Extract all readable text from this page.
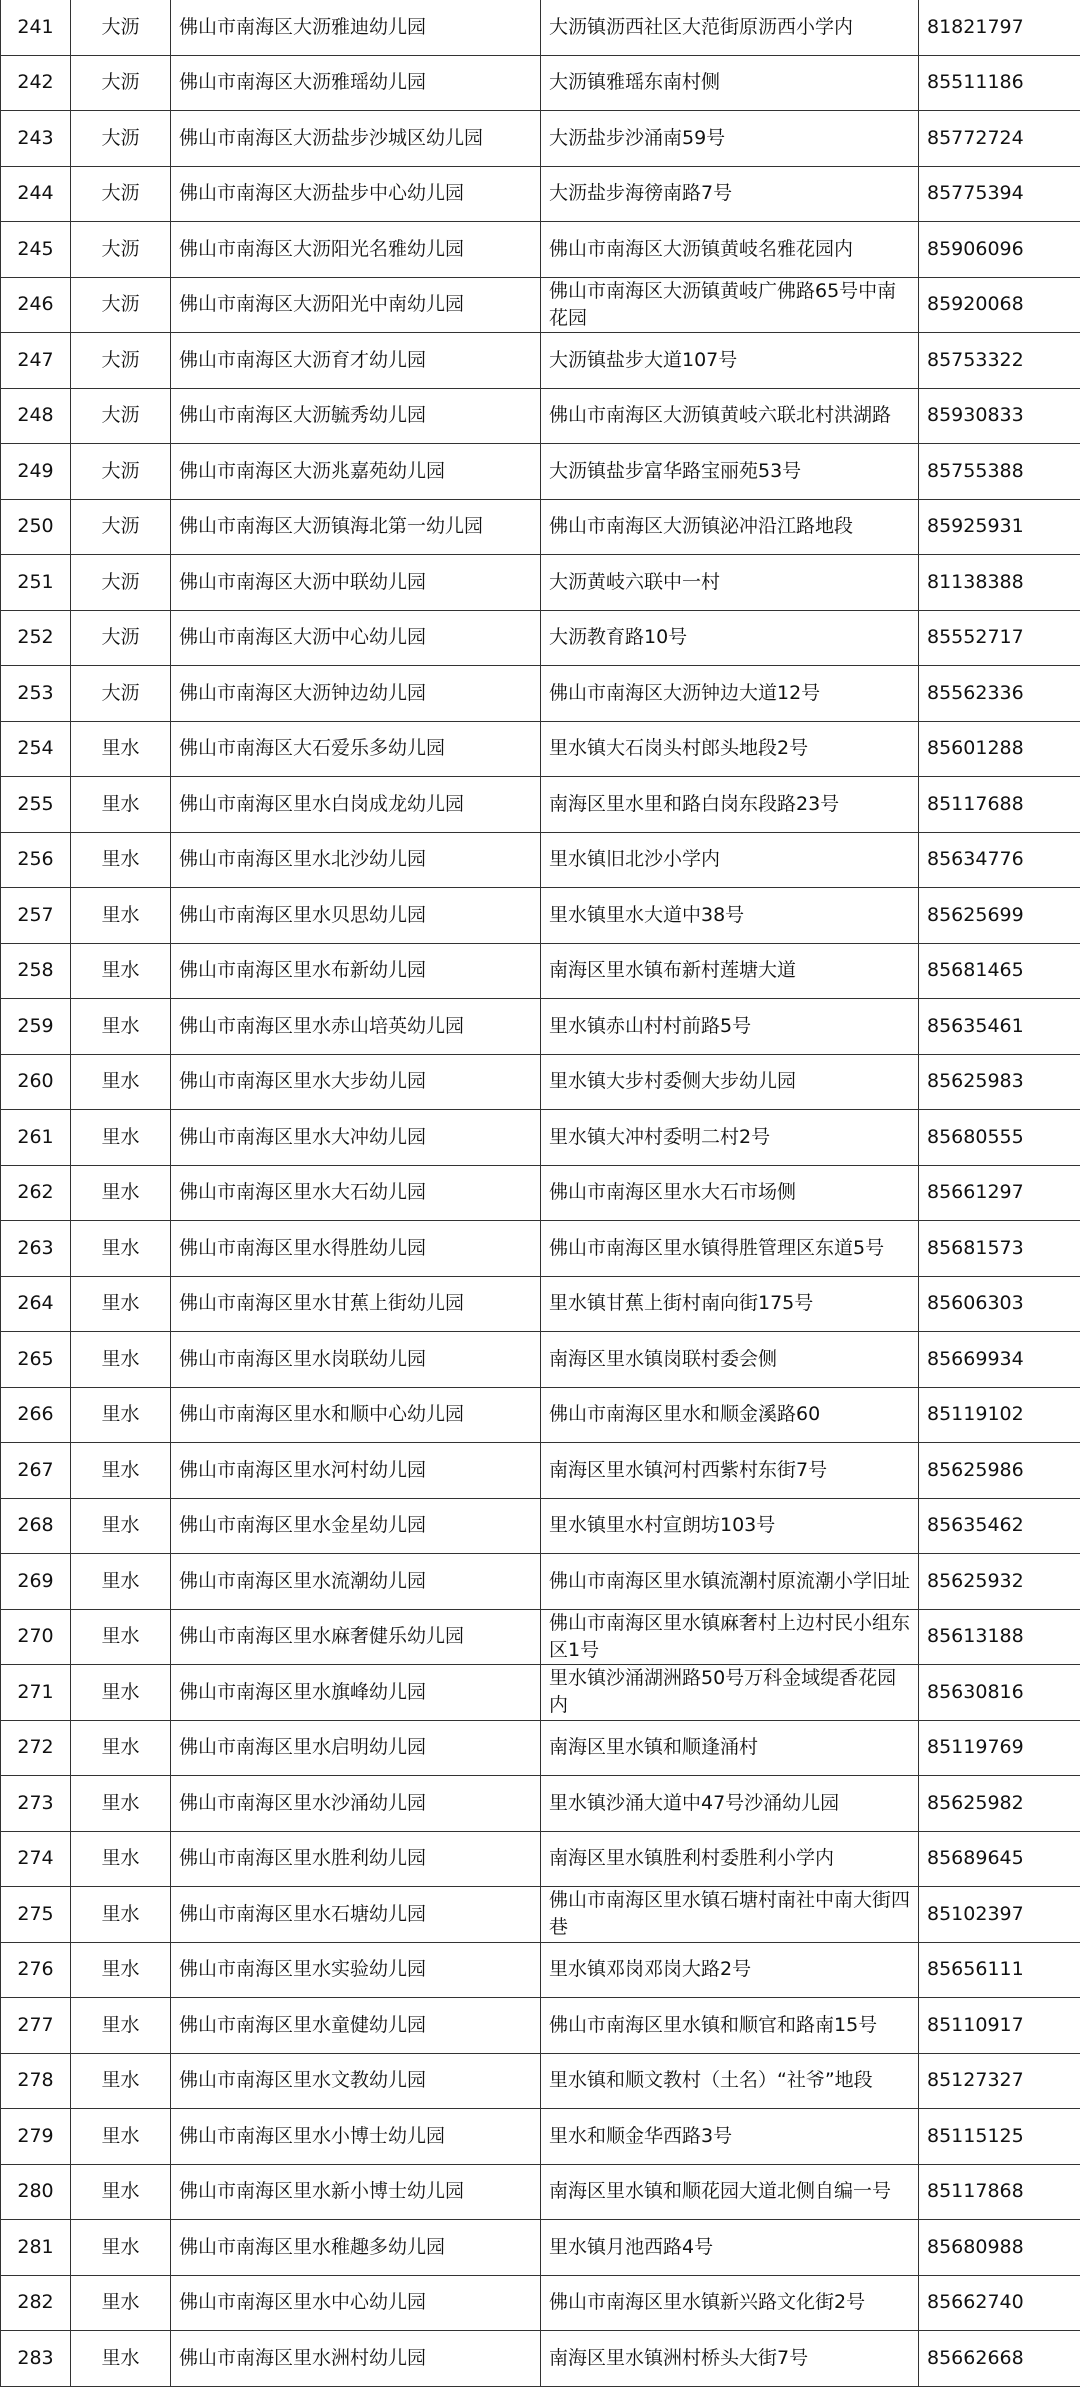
241	大沥	佛山市南海区大沥雅迪幼儿园	大沥镇沥西社区大范街原沥西小学内	81821797
242	大沥	佛山市南海区大沥雅瑶幼儿园	大沥镇雅瑶东南村侧	85511186
243	大沥	佛山市南海区大沥盐步沙城区幼儿园	大沥盐步沙涌南59号	85772724
244	大沥	佛山市南海区大沥盐步中心幼儿园	大沥盐步海徬南路7号	85775394
245	大沥	佛山市南海区大沥阳光名雅幼儿园	佛山市南海区大沥镇黄岐名雅花园内	85906096
246	大沥	佛山市南海区大沥阳光中南幼儿园	佛山市南海区大沥镇黄岐广佛路65号中南花园	85920068
247	大沥	佛山市南海区大沥育才幼儿园	大沥镇盐步大道107号	85753322
248	大沥	佛山市南海区大沥毓秀幼儿园	佛山市南海区大沥镇黄岐六联北村洪湖路	85930833
249	大沥	佛山市南海区大沥兆嘉苑幼儿园	大沥镇盐步富华路宝丽苑53号	85755388
250	大沥	佛山市南海区大沥镇海北第一幼儿园	佛山市南海区大沥镇泌冲沿江路地段	85925931
251	大沥	佛山市南海区大沥中联幼儿园	大沥黄岐六联中一村	81138388
252	大沥	佛山市南海区大沥中心幼儿园	大沥教育路10号	85552717
253	大沥	佛山市南海区大沥钟边幼儿园	佛山市南海区大沥钟边大道12号	85562336
254	里水	佛山市南海区大石爱乐多幼儿园	里水镇大石岗头村郎头地段2号	85601288
255	里水	佛山市南海区里水白岗成龙幼儿园	南海区里水里和路白岗东段路23号	85117688
256	里水	佛山市南海区里水北沙幼儿园	里水镇旧北沙小学内	85634776
257	里水	佛山市南海区里水贝思幼儿园	里水镇里水大道中38号	85625699
258	里水	佛山市南海区里水布新幼儿园	南海区里水镇布新村莲塘大道	85681465
259	里水	佛山市南海区里水赤山培英幼儿园	里水镇赤山村村前路5号	85635461
260	里水	佛山市南海区里水大步幼儿园	里水镇大步村委侧大步幼儿园	85625983
261	里水	佛山市南海区里水大冲幼儿园	里水镇大冲村委明二村2号	85680555
262	里水	佛山市南海区里水大石幼儿园	佛山市南海区里水大石市场侧	85661297
263	里水	佛山市南海区里水得胜幼儿园	佛山市南海区里水镇得胜管理区东道5号	85681573
264	里水	佛山市南海区里水甘蕉上街幼儿园	里水镇甘蕉上街村南向街175号	85606303
265	里水	佛山市南海区里水岗联幼儿园	南海区里水镇岗联村委会侧	85669934
266	里水	佛山市南海区里水和顺中心幼儿园	佛山市南海区里水和顺金溪路60	85119102
267	里水	佛山市南海区里水河村幼儿园	南海区里水镇河村西紫村东街7号	85625986
268	里水	佛山市南海区里水金星幼儿园	里水镇里水村宣朗坊103号	85635462
269	里水	佛山市南海区里水流潮幼儿园	佛山市南海区里水镇流潮村原流潮小学旧址	85625932
270	里水	佛山市南海区里水麻奢健乐幼儿园	佛山市南海区里水镇麻奢村上边村民小组东区1号	85613188
271	里水	佛山市南海区里水旗峰幼儿园	里水镇沙涌湖洲路50号万科金域缇香花园内	85630816
272	里水	佛山市南海区里水启明幼儿园	南海区里水镇和顺逢涌村	85119769
273	里水	佛山市南海区里水沙涌幼儿园	里水镇沙涌大道中47号沙涌幼儿园	85625982
274	里水	佛山市南海区里水胜利幼儿园	南海区里水镇胜利村委胜利小学内	85689645
275	里水	佛山市南海区里水石塘幼儿园	佛山市南海区里水镇石塘村南社中南大街四巷	85102397
276	里水	佛山市南海区里水实验幼儿园	里水镇邓岗邓岗大路2号	85656111
277	里水	佛山市南海区里水童健幼儿园	佛山市南海区里水镇和顺官和路南15号	85110917
278	里水	佛山市南海区里水文教幼儿园	里水镇和顺文教村（土名）“社爷”地段	85127327
279	里水	佛山市南海区里水小博士幼儿园	里水和顺金华西路3号	85115125
280	里水	佛山市南海区里水新小博士幼儿园	南海区里水镇和顺花园大道北侧自编一号	85117868
281	里水	佛山市南海区里水稚趣多幼儿园	里水镇月池西路4号	85680988
282	里水	佛山市南海区里水中心幼儿园	佛山市南海区里水镇新兴路文化街2号	85662740
283	里水	佛山市南海区里水洲村幼儿园	南海区里水镇洲村桥头大街7号	85662668
